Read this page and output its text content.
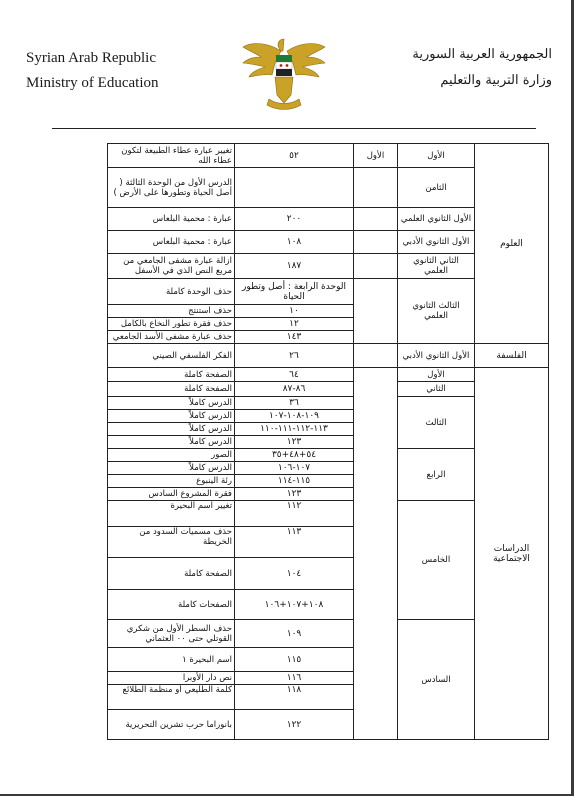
Syrian Arab Republic
Ministry of Education
الجمهورية العربية السورية
وزارة التربية والتعليم
العلوم	الأول	الأول	٥٢	تغيير عبارة عطاء الطبيعة لتكون عطاء الله
	الثامن			الدرس الأول من الوحدة الثالثة ( أصل الحياة وتطورها على الأرض )
	الأول الثانوي العلمي		٢٠٠	عبارة : محمية البلعاس
	الأول الثانوي الأدبي		١٠٨	عبارة : محمية البلعاس
	الثاني الثانوي العلمي		١٨٧	ازالة عبارة مشفى الجامعي من مربع النص الذي في الأسفل
	الثالث الثانوي العلمي		الوحدة الرابعة : أصل وتطور الحياة	حذف الوحدة كاملة
			١٠	حذف استنتج
			١٢	حذف فقرة تطور النخاع بالكامل
			١٤٣	حذف عبارة مشفى الأسد الجامعي
الفلسفة	الأول الثانوي الأدبي		٢٦	الفكر الفلسفي الصيني
الدراسات الاجتماعية	الأول		٦٤	الصفحة كاملة
	الثاني		٨٦-٨٧	الصفحة كاملة
	الثالث		٣٦	الدرس كاملاً
			١٠٩-١٠٨-١٠٧	الدرس كاملاً
			١١٣-١١٢-١١١-١١٠	الدرس كاملاً
			١٢٣	الدرس كاملاً
	الرابع		٥٤+٤٨+٣٥	الصور
			١٠٧-١٠٦	الدرس كاملاً
			١١٥-١١٤	رئة الينبوع
			١٢٣	فقرة المشروع السادس
	الخامس		١١٢	تغيير اسم البحيرة
			١١٣	حذف مسميات السدود من الخريطة
			١٠٤	الصفحة كاملة
			١٠٨+١٠٧+١٠٦	الصفحات كاملة
	السادس		١٠٩	حذف السطر الأول من شكري القوتلي حتى ٠٠ العثماني
			١١٥	اسم البحيرة ١
			١١٦	نص دار الأوبرا
			١١٨	كلمة الطليعي أو منظمة الطلائع
			١٢٢	بانوراما حرب تشرين التحريرية
